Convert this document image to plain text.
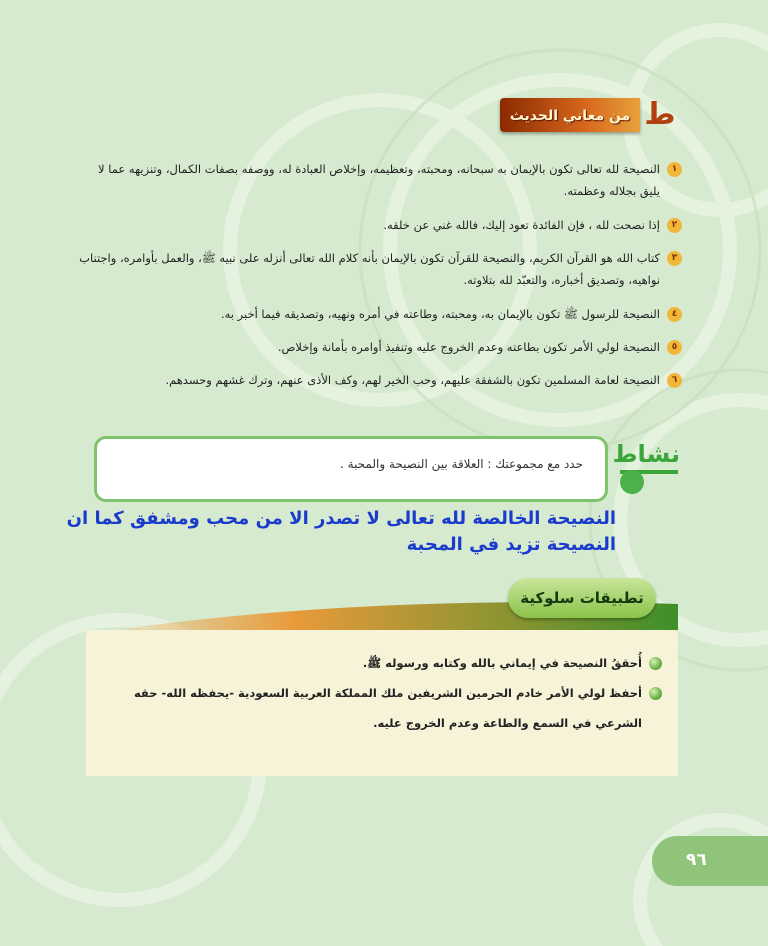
من معاني الحديث ط
١
النصيحة لله تعالى تكون بالإيمان به سبحانه، ومحبته، وتعظيمه، وإخلاص العبادة له، ووصفه بصفات الكمال، وتنزيهه عما لا يليق بجلاله وعظمته.
٢
إذا نصحت لله ، فإن الفائدة تعود إليك، فالله غني عن خلقه.
٣
كتاب الله هو القرآن الكريم، والنصيحة للقرآن تكون بالإيمان بأنه كلام الله تعالى أنزله على نبيه ﷺ، والعمل بأوامره، واجتناب نواهيه، وتصديق أخباره، والتعبّد لله بتلاوته.
٤
النصيحة للرسول ﷺ تكون بالإيمان به، ومحبته، وطاعته في أمره ونهيه، وتصديقه فيما أخبر به.
٥
النصيحة لولي الأمر تكون بطاعته وعدم الخروج عليه وتنفيذ أوامره بأمانة وإخلاص.
٦
النصيحة لعامة المسلمين تكون بالشفقة عليهم، وحب الخير لهم، وكف الأذى عنهم، وترك غشهم وحسدهم.
حدد مع مجموعتك : العلاقة بين النصيحة والمحبة . نشاط
النصيحة الخالصة لله تعالى لا تصدر الا من محب ومشفق كما ان النصيحة تزيد في المحبة
أُحققُ النصيحة في إيماني بالله وكتابه ورسوله ﷺ.
أحفظ لولي الأمر خادم الحرمين الشريفين ملك المملكة العربية السعودية -يحفظه الله- حقه الشرعي في السمع والطاعة وعدم الخروج عليه.
تطبيقات سلوكية
٩٦
